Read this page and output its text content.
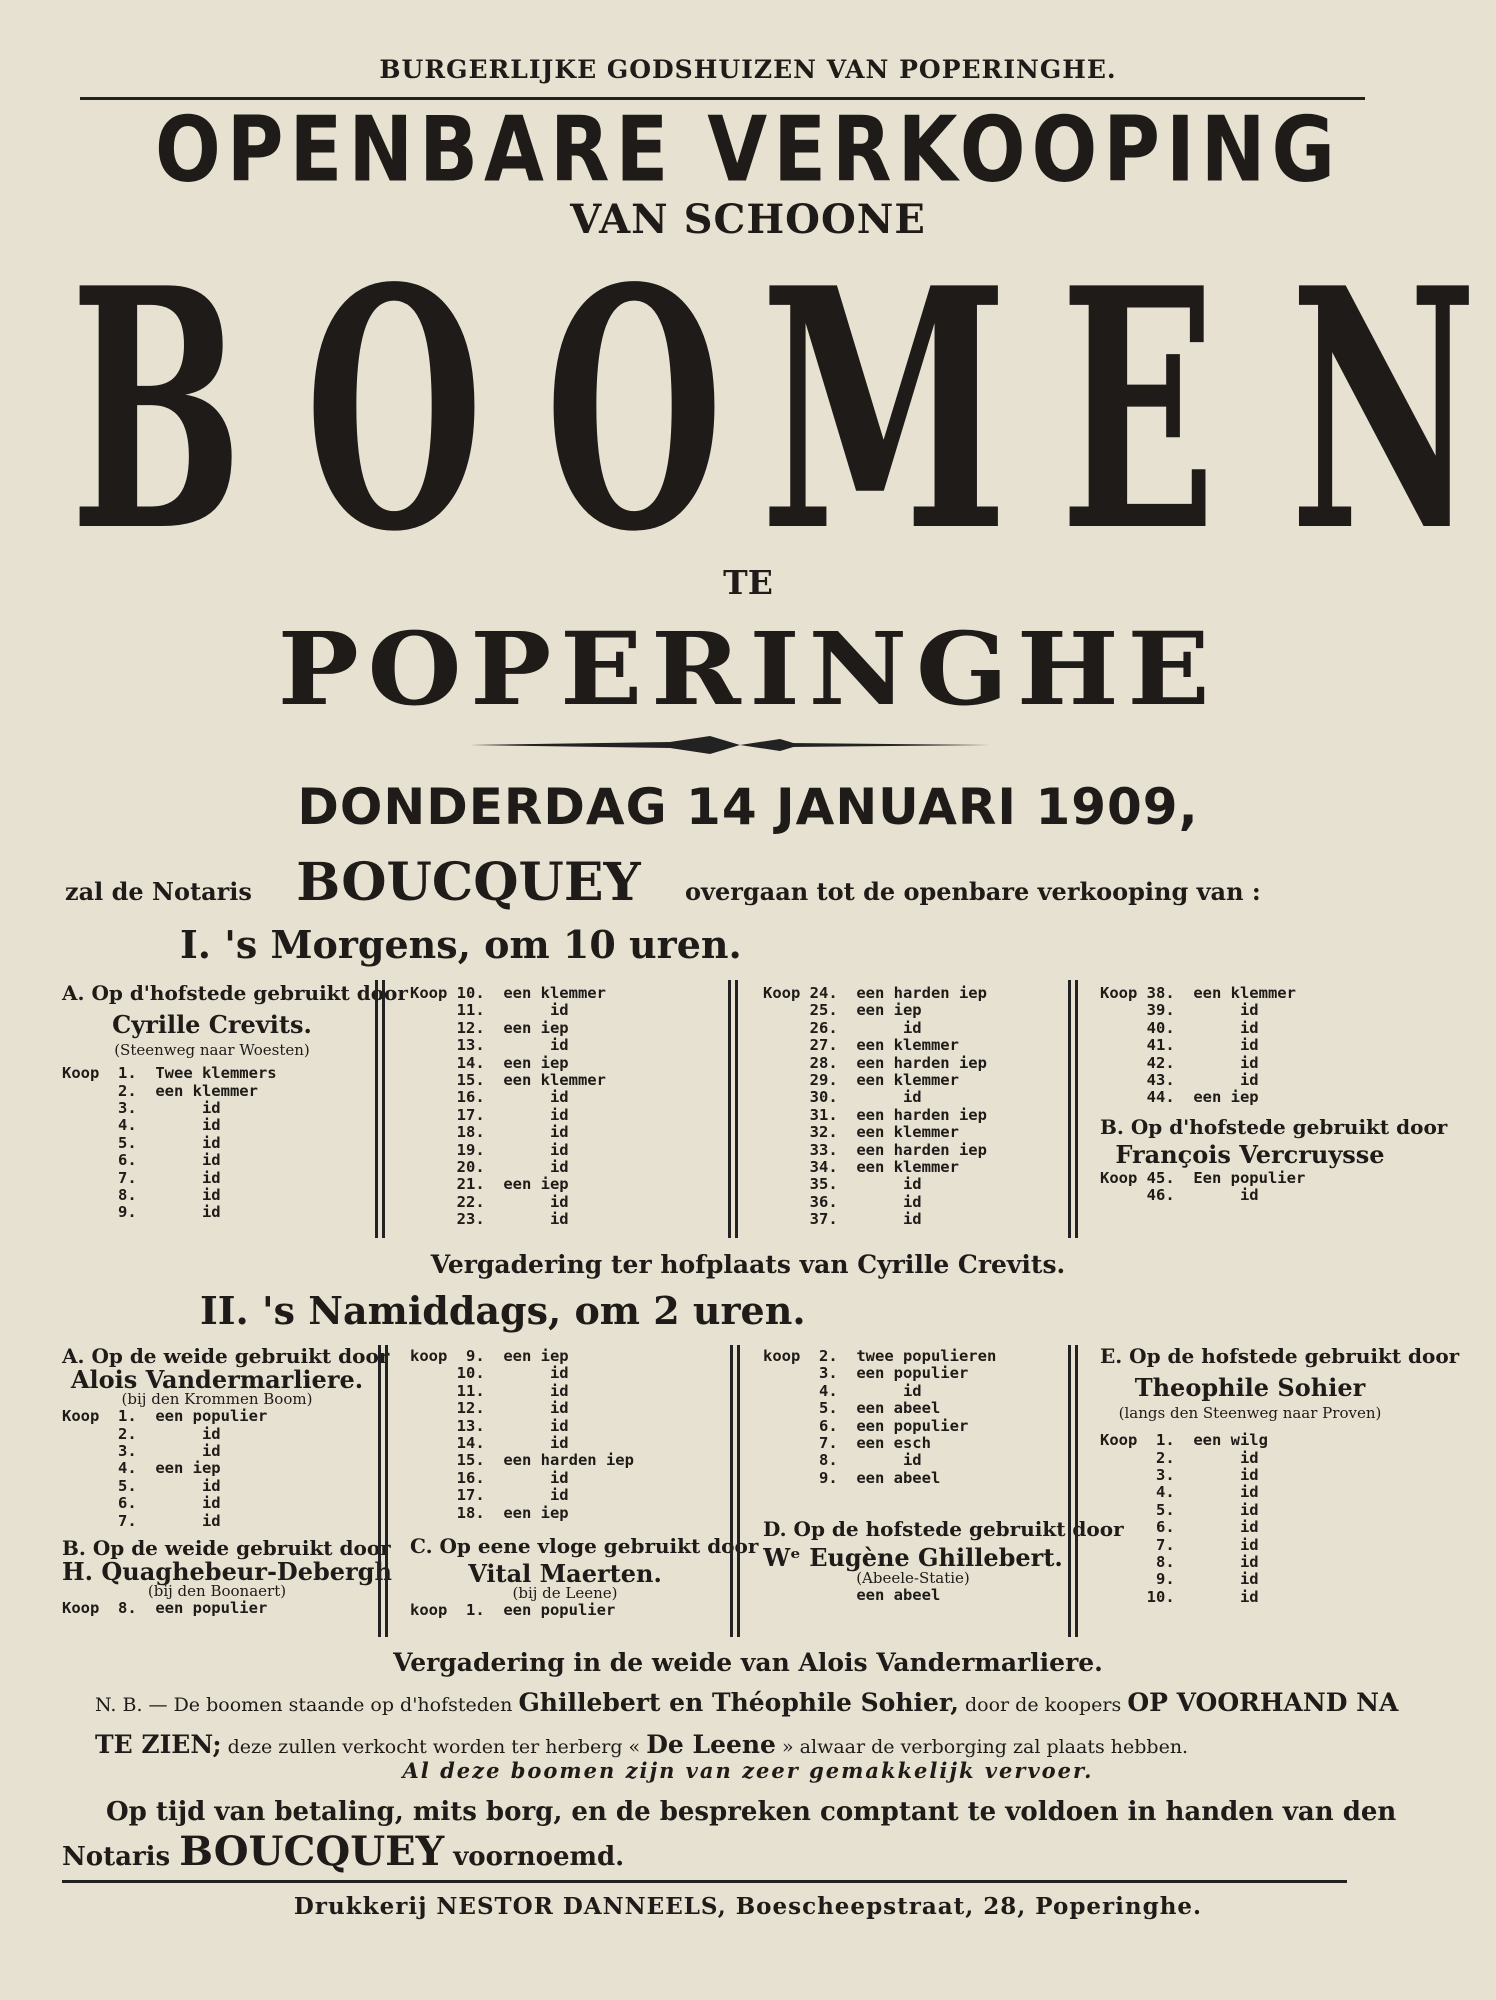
BURGERLIJKE GODSHUIZEN VAN POPERINGHE.
OPENBARE VERKOOPING
VAN SCHOONE
B O O M E N
TE
POPERINGHE
DONDERDAG 14 JANUARI 1909,
zal de Notaris BOUCQUEY overgaan tot de openbare verkooping van :
I. 's Morgens, om 10 uren.
A. Op d'hofstede gebruikt door
Cyrille Crevits.
(Steenweg naar Woesten)
Koop  1.  Twee klemmers
2.  een klemmer
3.       id
4.       id
5.       id
6.       id
7.       id
8.       id
9.       id
Koop 10.  een klemmer
11.       id
12.  een iep
13.       id
14.  een iep
15.  een klemmer
16.       id
17.       id
18.       id
19.       id
20.       id
21.  een iep
22.       id
23.       id
Koop 24.  een harden iep
25.  een iep
26.       id
27.  een klemmer
28.  een harden iep
29.  een klemmer
30.       id
31.  een harden iep
32.  een klemmer
33.  een harden iep
34.  een klemmer
35.       id
36.       id
37.       id
Koop 38.  een klemmer
39.       id
40.       id
41.       id
42.       id
43.       id
44.  een iep
B. Op d'hofstede gebruikt door
François Vercruysse
Koop 45.  Een populier
46.       id
Vergadering ter hofplaats van Cyrille Crevits.
II. 's Namiddags, om 2 uren.
A. Op de weide gebruikt door
Alois Vandermarliere.
(bij den Krommen Boom)
Koop  1.  een populier
2.       id
3.       id
4.  een iep
5.       id
6.       id
7.       id
B. Op de weide gebruikt door
H. Quaghebeur-Debergh
(bij den Boonaert)
Koop  8.  een populier
koop  9.  een iep
10.       id
11.       id
12.       id
13.       id
14.       id
15.  een harden iep
16.       id
17.       id
18.  een iep
C. Op eene vloge gebruikt door
Vital Maerten.
(bij de Leene)
koop  1.  een populier
koop  2.  twee populieren
3.  een populier
4.       id
5.  een abeel
6.  een populier
7.  een esch
8.       id
9.  een abeel
D. Op de hofstede gebruikt door
Wᵉ Eugène Ghillebert.
(Abeele-Statie)
een abeel
E. Op de hofstede gebruikt door
Theophile Sohier
(langs den Steenweg naar Proven)
Koop  1.  een wilg
2.       id
3.       id
4.       id
5.       id
6.       id
7.       id
8.       id
9.       id
10.       id
Vergadering in de weide van Alois Vandermarliere.
N. B. — De boomen staande op d'hofsteden Ghillebert en Théophile Sohier, door de koopers OP VOORHAND NA TE ZIEN; deze zullen verkocht worden ter herberg « De Leene » alwaar de verborging zal plaats hebben.
Al deze boomen zijn van zeer gemakkelijk vervoer.
Op tijd van betaling, mits borg, en de bespreken comptant te voldoen in handen van den Notaris BOUCQUEY voornoemd.
Drukkerij NESTOR DANNEELS, Boescheepstraat, 28, Poperinghe.
